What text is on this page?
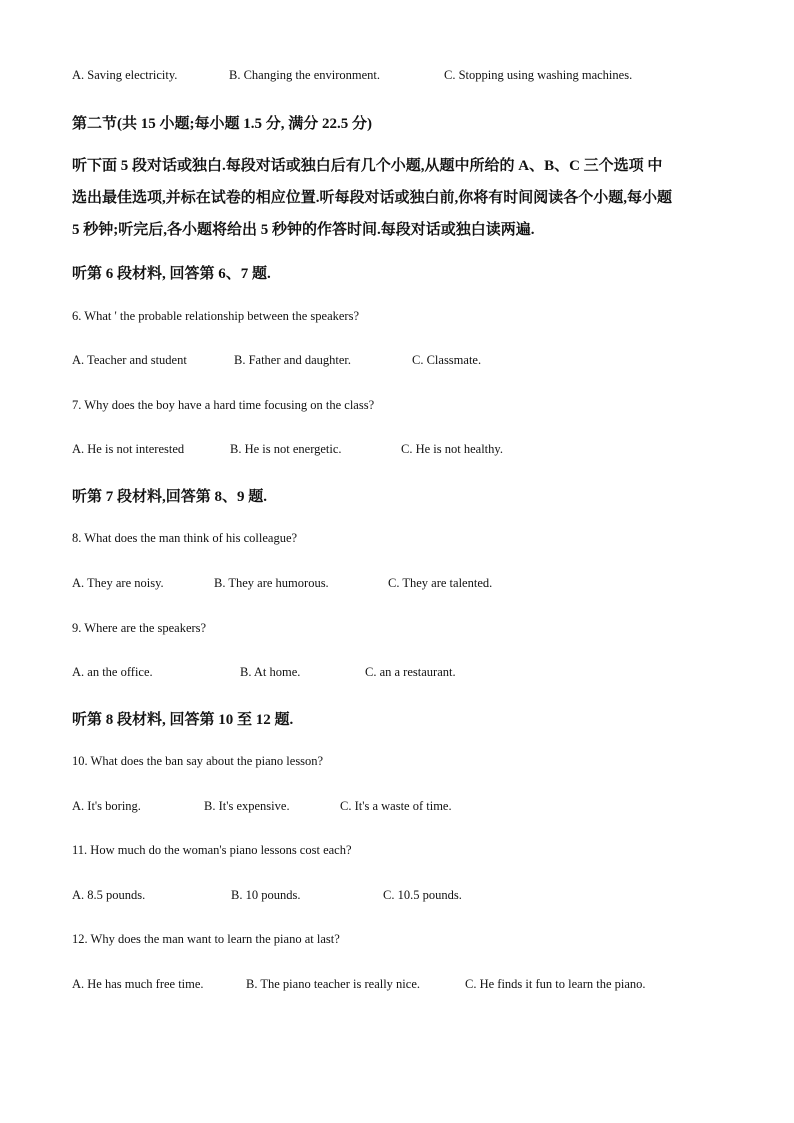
A. Saving electricity.	B. Changing the environment.	C. Stopping using washing machines.
第二节(共 15 小题;每小题 1.5 分, 满分 22.5 分)
听下面 5 段对话或独白.每段对话或独白后有几个小题,从题中所给的 A、B、C 三个选项 中
选出最佳选项,并标在试卷的相应位置.听每段对话或独白前,你将有时间阅读各个小题,每小题
5 秒钟;听完后,各小题将给出 5 秒钟的作答时间.每段对话或独白读两遍.
听第 6 段材料, 回答第 6、7 题.
6. What ' the probable relationship between the speakers?
A. Teacher and student	B. Father and daughter.	C. Classmate.
7. Why does the boy have a hard time focusing on the class?
A. He is not interested	B. He is not energetic.	C. He is not healthy.
听第 7 段材料,回答第 8、9 题.
8. What does the man think of his colleague?
A. They are noisy.	B. They are humorous.	C. They are talented.
9. Where are the speakers?
A. an the office.	B. At home.	C. an a restaurant.
听第 8 段材料, 回答第 10 至 12 题.
10. What does the ban say about the piano lesson?
A. It's boring.	B. It's expensive.	C. It's a waste of time.
11. How much do the woman's piano lessons cost each?
A. 8.5 pounds.	B. 10 pounds.	C. 10.5 pounds.
12. Why does the man want to learn the piano at last?
A. He has much free time.	B. The piano teacher is really nice.	C. He finds it fun to learn the piano.
